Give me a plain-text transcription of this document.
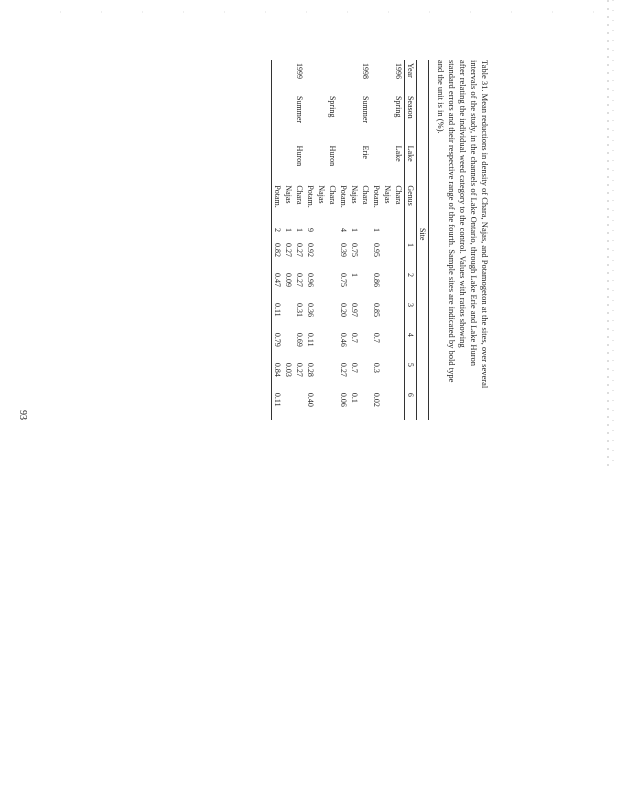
Table 31. Mean reductions in density of Chara, Najas, and Potamogeton at the sites, over several

intervals of the study, in the channels of Lake Ontario, through Lake Erie and Lake Huron

after relating the individual weed category to the control. Values with ratios showing

standard errors and their respective range of the fourth. Sample sites are indicated by bold type

and the unit is in (%).

				Site						
Year	Season	Lake	Genus		1	2	3	4	5	6
1996	Spring	Lake	Chara							
			Najas							
			Potam.	1	0.95	0.86	0.85	0.7	0.3	0.02
1998	Summer	Erie	Chara							
			Najas	1	0.75	1	0.97	0.7	0.7	0.1
			Potam.	4	0.39	0.75	0.20	0.46	0.27	0.06
	Spring	Huron	Chara							
			Najas							
			Potam.	9	0.92	0.96	0.36	0.11	0.28	0.40
1999	Summer	Huron	Chara	1	0.27	0.27	0.31	0.69	0.27	
			Najas	1	0.27	0.09			0.03	
			Potam.	2	0.82	0.47	0.11	0.79	0.84	0.11
93
